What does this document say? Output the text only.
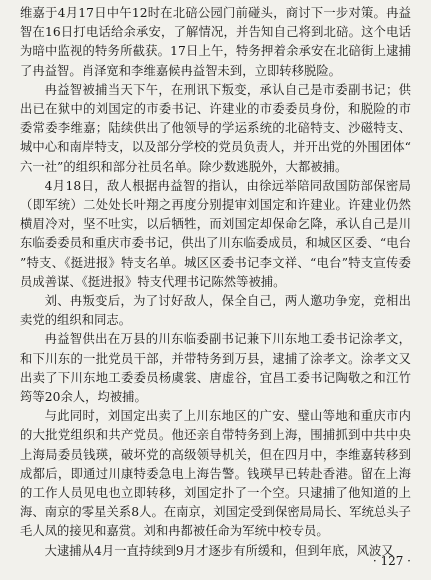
维嘉于4月17日中午12时在北碚公园门前碰头，商讨下一步对策。冉益智在16日打电话给余承安，了解情况，并告知自己将到北碚。这个电话为暗中监视的特务所截获。17日上午，特务押着余承安在北碚街上逮捕了冉益智。肖泽宽和李维嘉候冉益智未到，立即转移脱险。

冉益智被捕当天下午，在刑讯下叛变，承认自己是市委副书记；供出已在狱中的刘国定的市委书记、许建业的市委委员身份，和脱险的市委常委李维嘉；陆续供出了他领导的学运系统的北碚特支、沙磁特支、城中心和南岸特支，以及部分学校的党员负责人，并开出党的外围团体“六一社”的组织和部分社员名单。除少数逃脱外，大都被捕。

4月18日，敌人根据冉益智的指认，由徐远举陪同敌国防部保密局（即军统）二处处长叶翔之再度分别提审刘国定和许建业。许建业仍然横眉冷对，坚不吐实，以后牺牲，而刘国定却保命乞降，承认自己是川东临委委员和重庆市委书记，供出了川东临委成员，和城区区委、“电台”特支、《挺进报》特支名单。城区区委书记李文祥、“电台”特支宣传委员成善谋、《挺进报》特支代理书记陈然等被捕。

刘、冉叛变后，为了讨好敌人，保全自己，两人邀功争宠，竞相出卖党的组织和同志。

冉益智供出在万县的川东临委副书记兼下川东地工委书记涂孝文，和下川东的一批党员干部，并带特务到万县，逮捕了涂孝文。涂孝文又出卖了下川东地工委委员杨虞裳、唐虚谷，宜昌工委书记陶敬之和江竹筠等20余人，均被捕。

与此同时，刘国定出卖了上川东地区的广安、璧山等地和重庆市内的大批党组织和共产党员。他还亲自带特务到上海，围捕抓到中共中央上海局委员钱瑛，破坏党的高级领导机关，但在四月中，李维嘉转移到成都后，即通过川康特委急电上海告警。钱瑛早已转赴香港。留在上海的工作人员见电也立即转移，刘国定扑了一个空。只逮捕了他知道的上海、南京的零星关系8人。在南京，刘国定受到保密局局长、军统总头子毛人凤的接见和嘉赏。刘和冉都被任命为军统中校专员。

大逮捕从4月一直持续到9月才逐步有所缓和，但到年底，风波又

· 127 ·
